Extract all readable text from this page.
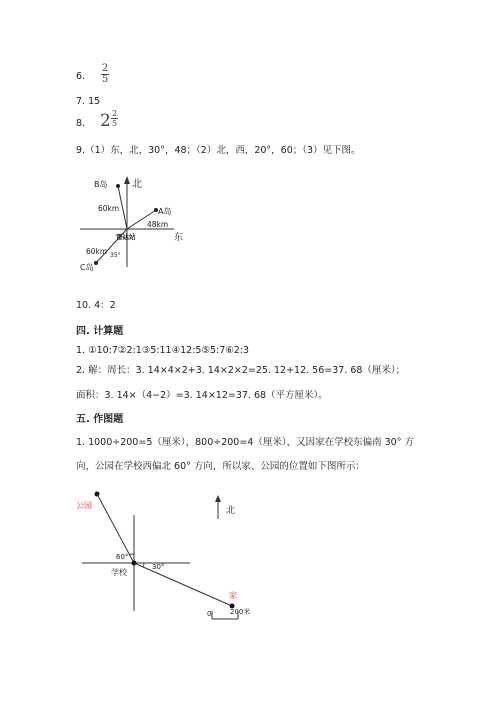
6.
2
5
7. 15
8. 2 2
5
9.（1）东，北，30°，48；（2）北，西，20°，60；（3）见下图。
北
B岛
A岛
60km
48km
雷达站	东
60km 35°
C岛
10. 4：2
四. 计算题
1. ①10:7②2:1③5:11④12:5⑤5:7⑥2:3
2. 解：周长：3. 14×4×2+3. 14×2×2=25. 12+12. 56=37. 68（厘米）；
面积：3. 14×（4−2）=3. 14×12=37. 68（平方厘米）。
五. 作图题
1. 1000÷200=5（厘米），800÷200=4（厘米），又因家在学校东偏南 30° 方
向，公园在学校西偏北 60° 方向，所以家、公园的位置如下图所示：
公园
北
60°
30°
学校
家
0	200米
